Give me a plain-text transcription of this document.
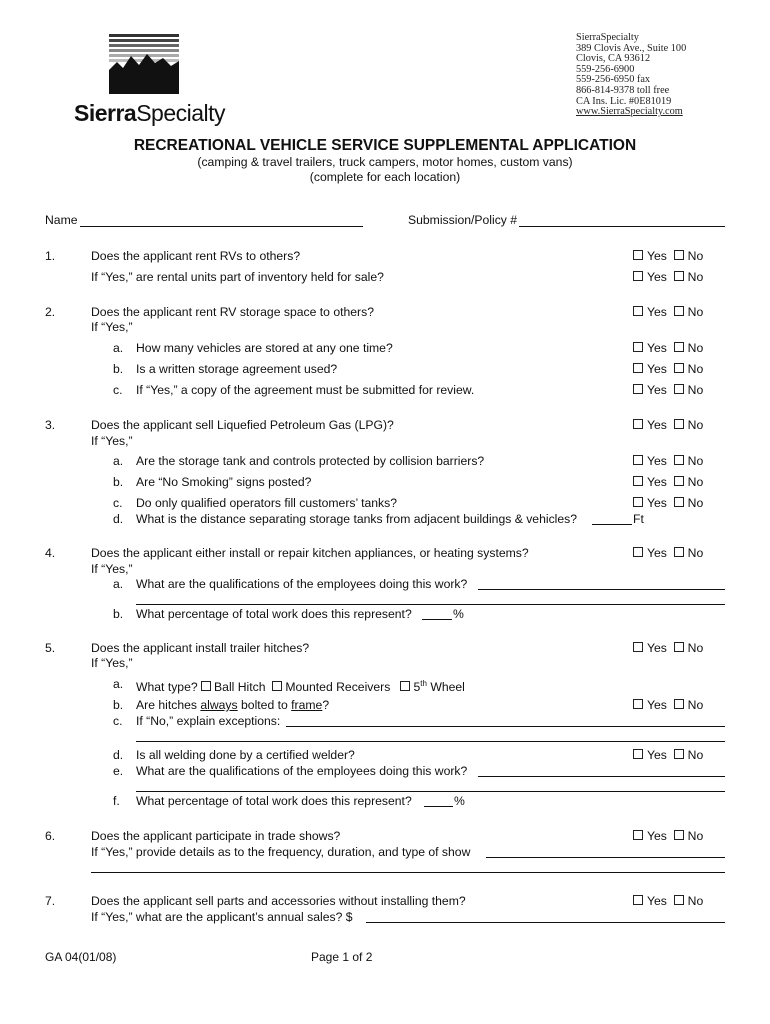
SierraSpecialty
SierraSpecialty
389 Clovis Ave., Suite 100
Clovis, CA 93612
559-256-6900
559-256-6950 fax
866-814-9378 toll free
CA Ins. Lic. #0E81019
www.SierraSpecialty.com
RECREATIONAL VEHICLE SERVICE SUPPLEMENTAL APPLICATION
(camping & travel trailers, truck campers, motor homes, custom vans)
(complete for each location)
Name	Submission/Policy #
1.	Does the applicant rent RVs to others?	Yes No
If “Yes,” are rental units part of inventory held for sale?	Yes No
2.	Does the applicant rent RV storage space to others?	Yes No
If “Yes,”
a. How many vehicles are stored at any one time?	Yes No
b. Is a written storage agreement used?	Yes No
c. If “Yes,” a copy of the agreement must be submitted for review.	Yes No
3.	Does the applicant sell Liquefied Petroleum Gas (LPG)?	Yes No
If “Yes,”
a. Are the storage tank and controls protected by collision barriers?	Yes No
b. Are “No Smoking” signs posted?	Yes No
c. Do only qualified operators fill customers’ tanks?	Yes No
d. What is the distance separating storage tanks from adjacent buildings & vehicles?	Ft
4.	Does the applicant either install or repair kitchen appliances, or heating systems?	Yes No
If “Yes,”
a. What are the qualifications of the employees doing this work?
b. What percentage of total work does this represent?	%
5.	Does the applicant install trailer hitches?	Yes No
If “Yes,”
a. What type? Ball Hitch Mounted Receivers 5th Wheel
b. Are hitches always bolted to frame?	Yes No
c. If “No,” explain exceptions:
d. Is all welding done by a certified welder?	Yes No
e. What are the qualifications of the employees doing this work?
f. What percentage of total work does this represent?	%
6.	Does the applicant participate in trade shows?	Yes No
If “Yes,” provide details as to the frequency, duration, and type of show
7.	Does the applicant sell parts and accessories without installing them?	Yes No
If “Yes,” what are the applicant’s annual sales? $
GA 04(01/08)	Page 1 of 2
